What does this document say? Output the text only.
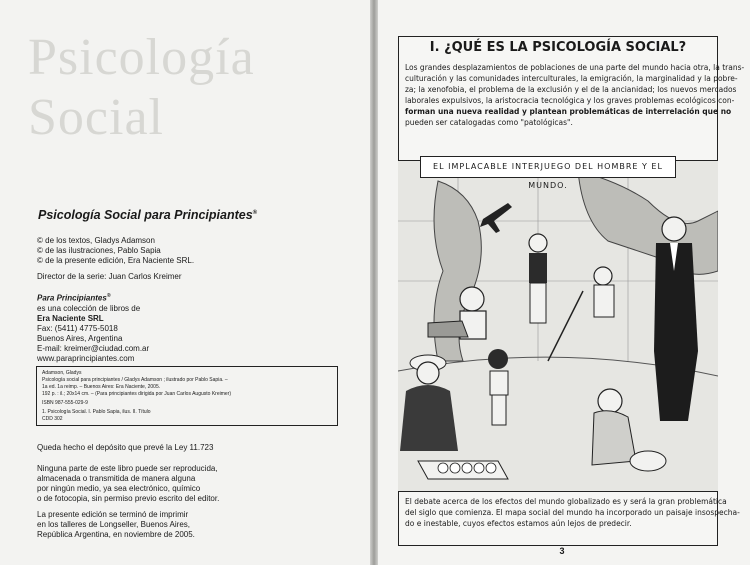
Psicología Social
Psicología Social para Principiantes®
© de los textos, Gladys Adamson
© de las ilustraciones, Pablo Sapia
© de la presente edición, Era Naciente SRL.
Director de la serie: Juan Carlos Kreimer
Para Principiantes®
es una colección de libros de
Era Naciente SRL
Fax: (5411) 4775-5018
Buenos Aires, Argentina
E-mail: kreimer@ciudad.com.ar
www.paraprincipiantes.com
Adamson, Gladys
Psicología social para principiantes / Gladys Adamson ; ilustrado por Pablo Sapia. –
1a ed. 1a reimp. – Buenos Aires: Era Naciente, 2005.
192 p. : il.; 20x14 cm. – (Para principiantes dirigida por Juan Carlos Augusto Kreimer)
ISBN 987-555-029-9
1. Psicología Social. I. Pablo Sapia, ilus. II. Título
CDD 302
Queda hecho el depósito que prevé la Ley 11.723
Ninguna parte de este libro puede ser reproducida,
almacenada o transmitida de manera alguna
por ningún medio, ya sea electrónico, químico
o de fotocopia, sin permiso previo escrito del editor.
La presente edición se terminó de imprimir
en los talleres de Longseller, Buenos Aires,
República Argentina, en noviembre de 2005.
I. ¿QUÉ ES LA PSICOLOGÍA SOCIAL?
Los grandes desplazamientos de poblaciones de una parte del mundo hacia otra, la trans-
culturación y las comunidades interculturales, la emigración, la marginalidad y la pobre-
za; la xenofobia, el problema de la exclusión y el de la ancianidad; los nuevos mercados
laborales expulsivos, la aristocracia tecnológica y los graves problemas ecológicos con-
forman una nueva realidad y plantean problemáticas de interrelación que no
pueden ser catalogadas como "patológicas".
EL IMPLACABLE INTERJUEGO DEL HOMBRE Y EL MUNDO.
El debate acerca de los efectos del mundo globalizado es y será la gran problemática
del siglo que comienza. El mapa social del mundo ha incorporado un paisaje insospecha-
do e inestable, cuyos efectos estamos aún lejos de predecir.
3
